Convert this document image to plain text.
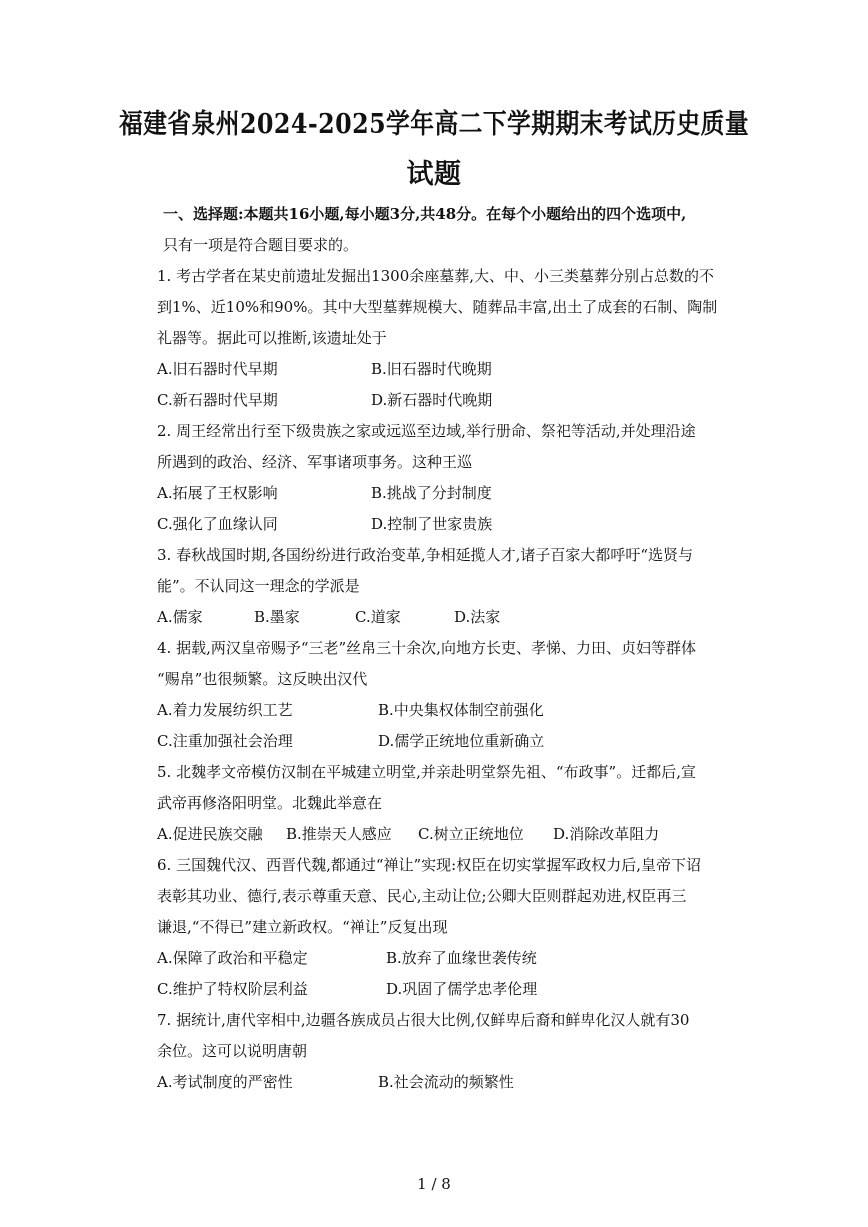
福建省泉州2024-2025学年高二下学期期末考试历史质量
试题
一、选择题:本题共16小题,每小题3分,共48分。在每个小题给出的四个选项中,
只有一项是符合题目要求的。
1. 考古学者在某史前遗址发掘出1300余座墓葬,大、中、小三类墓葬分别占总数的不
到1%、近10%和90%。其中大型墓葬规模大、随葬品丰富,出土了成套的石制、陶制
礼器等。据此可以推断,该遗址处于
A.旧石器时代早期	B.旧石器时代晚期
C.新石器时代早期	D.新石器时代晚期
2. 周王经常出行至下级贵族之家或远巡至边域,举行册命、祭祀等活动,并处理沿途
所遇到的政治、经济、军事诸项事务。这种王巡
A.拓展了王权影响	B.挑战了分封制度
C.强化了血缘认同	D.控制了世家贵族
3. 春秋战国时期,各国纷纷进行政治变革,争相延揽人才,诸子百家大都呼吁“选贤与
能”。不认同这一理念的学派是
A.儒家	B.墨家	C.道家	D.法家
4. 据载,两汉皇帝赐予“三老”丝帛三十余次,向地方长吏、孝悌、力田、贞妇等群体
“赐帛”也很频繁。这反映出汉代
A.着力发展纺织工艺	B.中央集权体制空前强化
C.注重加强社会治理	D.儒学正统地位重新确立
5. 北魏孝文帝模仿汉制在平城建立明堂,并亲赴明堂祭先祖、“布政事”。迁都后,宣
武帝再修洛阳明堂。北魏此举意在
A.促进民族交融 B.推崇天人感应 C.树立正统地位 D.消除改革阻力
6. 三国魏代汉、西晋代魏,都通过“禅让”实现:权臣在切实掌握军政权力后,皇帝下诏
表彰其功业、德行,表示尊重天意、民心,主动让位;公卿大臣则群起劝进,权臣再三
谦退,“不得已”建立新政权。“禅让”反复出现
A.保障了政治和平稳定	B.放弃了血缘世袭传统
C.维护了特权阶层利益	D.巩固了儒学忠孝伦理
7. 据统计,唐代宰相中,边疆各族成员占很大比例,仅鲜卑后裔和鲜卑化汉人就有30
余位。这可以说明唐朝
A.考试制度的严密性	B.社会流动的频繁性
1 / 8
